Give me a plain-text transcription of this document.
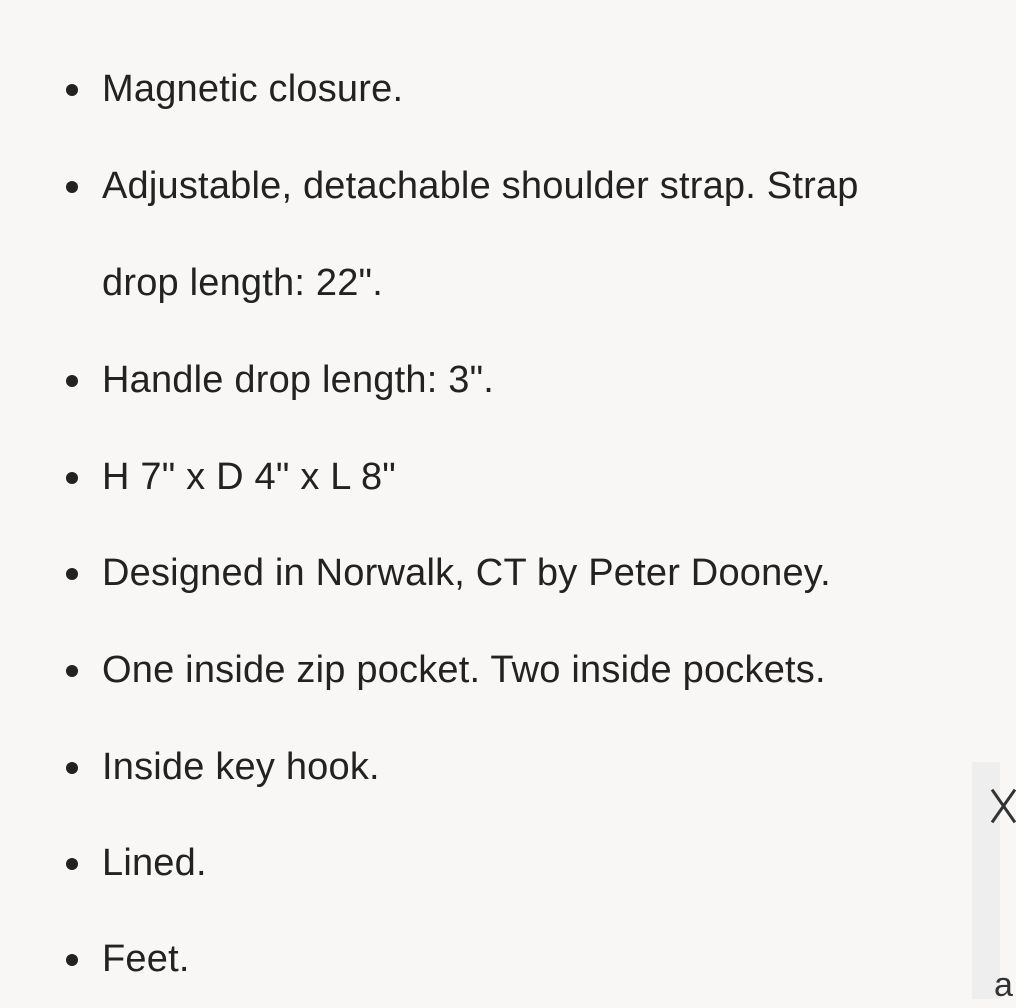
Magnetic closure.
Adjustable, detachable shoulder strap. Strap drop length: 22".
Handle drop length: 3".
H 7" x D 4" x L 8"
Designed in Norwalk, CT by Peter Dooney.
One inside zip pocket. Two inside pockets.
Inside key hook.
Lined.
Feet.
a
